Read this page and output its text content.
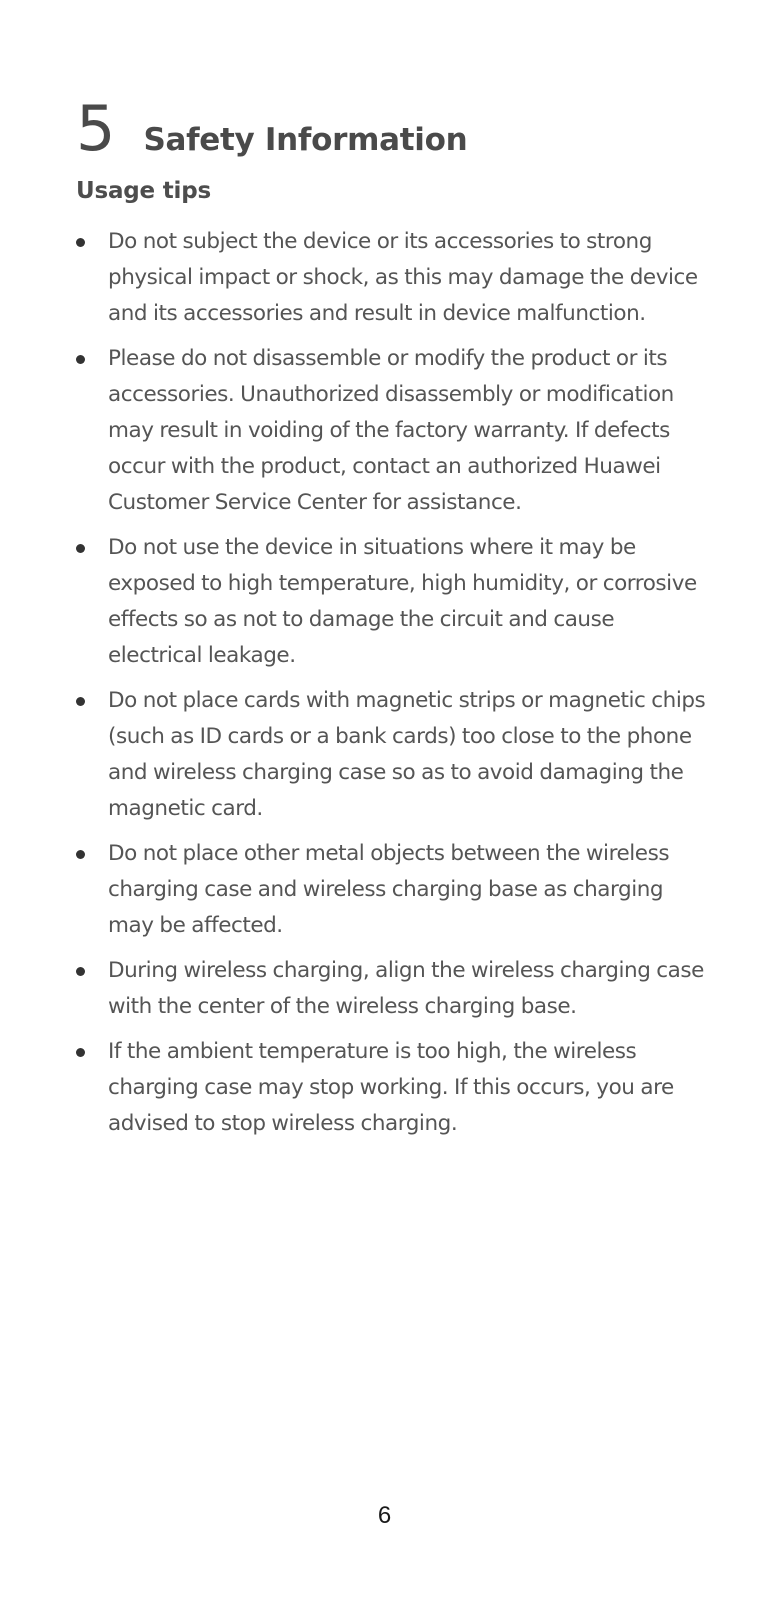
5 Safety Information
Usage tips
Do not subject the device or its accessories to strong physical impact or shock, as this may damage the device and its accessories and result in device malfunction.
Please do not disassemble or modify the product or its accessories. Unauthorized disassembly or modification may result in voiding of the factory warranty. If defects occur with the product, contact an authorized Huawei Customer Service Center for assistance.
Do not use the device in situations where it may be exposed to high temperature, high humidity, or corrosive effects so as not to damage the circuit and cause electrical leakage.
Do not place cards with magnetic strips or magnetic chips (such as ID cards or a bank cards) too close to the phone and wireless charging case so as to avoid damaging the magnetic card.
Do not place other metal objects between the wireless charging case and wireless charging base as charging may be affected.
During wireless charging, align the wireless charging case with the center of the wireless charging base.
If the ambient temperature is too high, the wireless charging case may stop working. If this occurs, you are advised to stop wireless charging.
6
